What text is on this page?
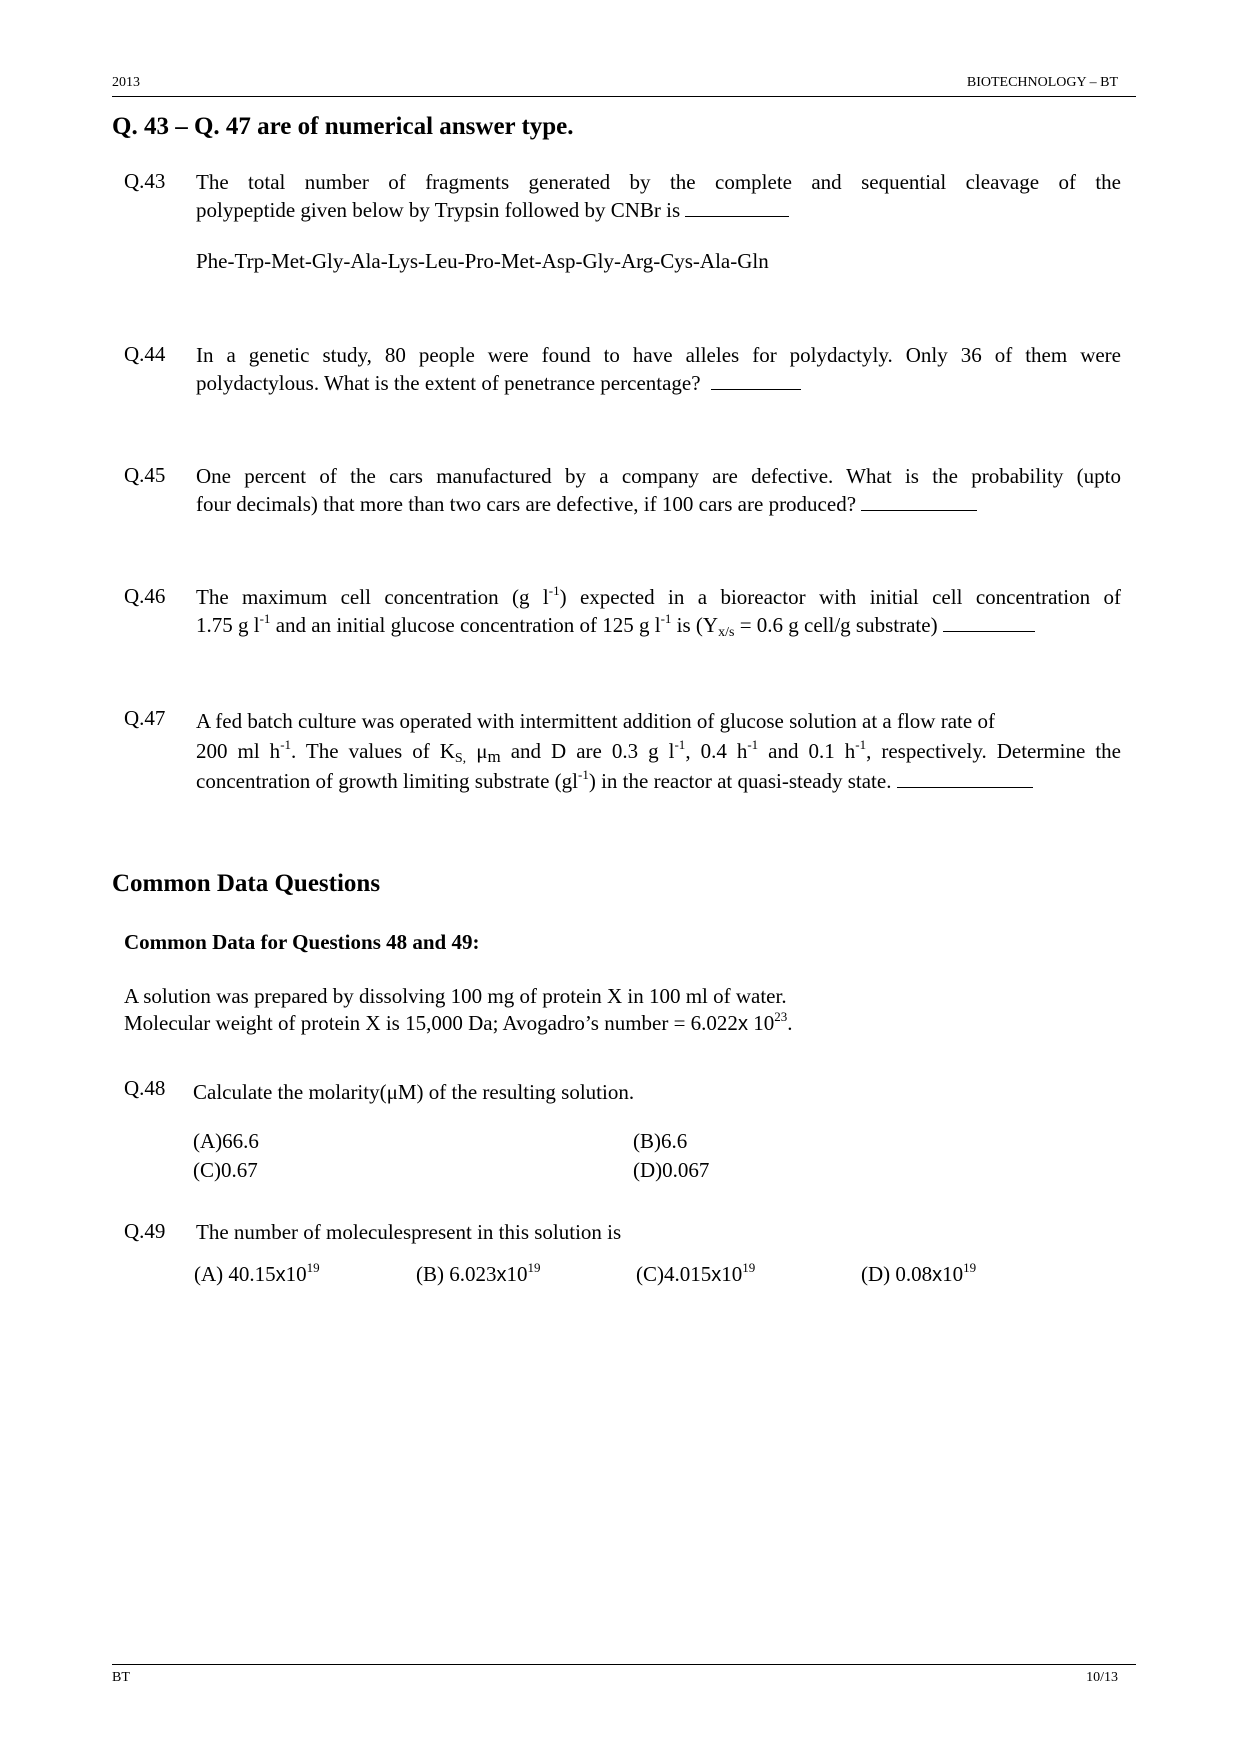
2013	BIOTECHNOLOGY – BT
Q. 43 – Q. 47 are of numerical answer type.
Q.43 The total number of fragments generated by the complete and sequential cleavage of the
polypeptide given below by Trypsin followed by CNBr is
Phe-Trp-Met-Gly-Ala-Lys-Leu-Pro-Met-Asp-Gly-Arg-Cys-Ala-Gln
Q.44 In a genetic study, 80 people were found to have alleles for polydactyly. Only 36 of them were
polydactylous. What is the extent of penetrance percentage?
Q.45 One percent of the cars manufactured by a company are defective. What is the probability (upto
four decimals) that more than two cars are defective, if 100 cars are produced?
Q.46 The maximum cell concentration (g $l^{-1}$) expected in a bioreactor with initial cell concentration of
1.75 g $l^{-1}$ and an initial glucose concentration of 125 g $l^{-1}$ is ($Y_{x/s} = 0.6$ g cell/g substrate)
Q.47 A fed batch culture was operated with intermittent addition of glucose solution at a flow rate of
200 ml $h^{-1}$. The values of $K_{S,}$ $\mu_m$ and D are 0.3 g $l^{-1}$, 0.4 $h^{-1}$ and 0.1 $h^{-1}$, respectively. Determine the
concentration of growth limiting substrate $(gl^{-1})$ in the reactor at quasi-steady state.
Common Data Questions
Common Data for Questions 48 and 49:
A solution was prepared by dissolving 100 mg of protein X in 100 ml of water.
Molecular weight of protein X is 15,000 Da; Avogadro’s number = 6.022x $10^{23}$.
Q.48 Calculate the molarity(μM) of the resulting solution.
(A)66.6	(B)6.6
(C)0.67	(D)0.067
Q.49 The number of moleculespresent in this solution is
(A) $40.15x10^{19}$	(B) $6.023x10^{19}$	$(C)4.015x10^{19}$	(D) $0.08x10^{19}$
BT	10/13
